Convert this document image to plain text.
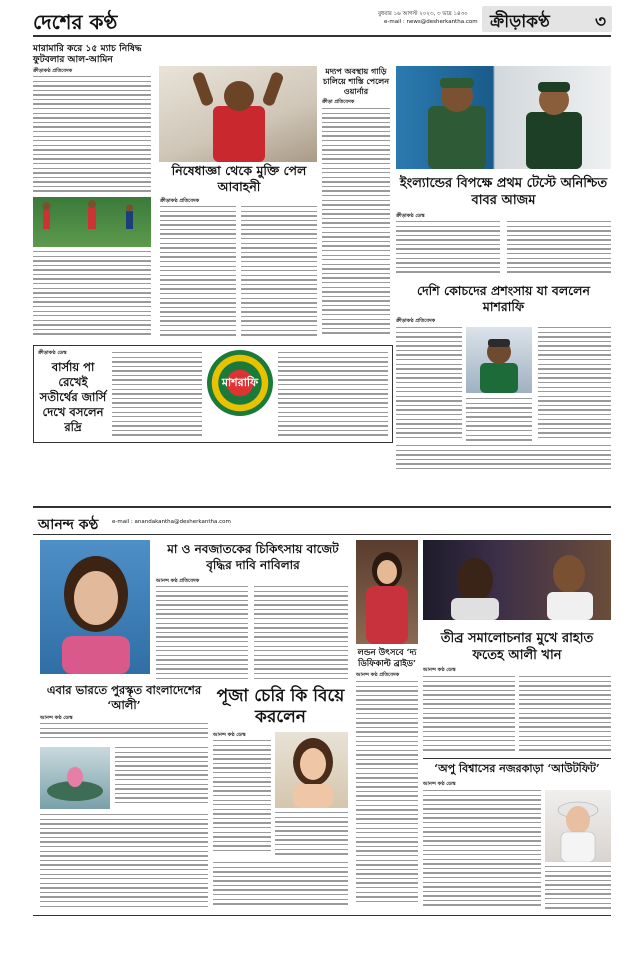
দেশের কণ্ঠ	বুধবার ১৬ আগস্ট ২০২৩, ৩ ভাদ্র ১৪৩০
e-mail : news@desherkantha.com ক্রীড়াকণ্ঠ	৩
মারামারি করে ১৫ ম্যাচ নিষিদ্ধ ফুটবলার আল-আমিন
ক্রীড়াকণ্ঠ প্রতিবেদক
নিষেধাজ্ঞা থেকে মুক্তি পেল আবাহনী
ক্রীড়াকণ্ঠ প্রতিবেদক
মদ্যপ অবস্থায় গাড়ি চালিয়ে শাস্তি পেলেন ওয়ার্নার
ক্রীড়া প্রতিবেদক
ইংল্যান্ডের বিপক্ষে প্রথম টেস্টে অনিশ্চিত বাবর আজম
ক্রীড়াকণ্ঠ ডেস্ক
দেশি কোচদের প্রশংসায় যা বললেন মাশরাফি
ক্রীড়াকণ্ঠ প্রতিবেদক
ক্রীড়াকণ্ঠ ডেস্ক
বার্সায় পা রেখেই সতীর্থের জার্সি দেখে বসলেন রদ্রি
মাশরাফি
আনন্দ কণ্ঠ e-mail : anandakantha@desherkantha.com
মা ও নবজাতকের চিকিৎসায় বাজেট বৃদ্ধির দাবি নাবিলার
আনন্দ কণ্ঠ প্রতিবেদক
এবার ভারতে পুরস্কৃত বাংলাদেশের ‘আলী’
আনন্দ কণ্ঠ ডেস্ক
পূজা চেরি কি বিয়ে করলেন
আনন্দ কণ্ঠ ডেস্ক
লন্ডন উৎসবে ‘দ্য ডিফিকাল্ট ব্রাইড’
আনন্দ কণ্ঠ প্রতিবেদক
তীব্র সমালোচনার মুখে রাহাত ফতেহ আলী খান
আনন্দ কণ্ঠ ডেস্ক
‘অপু বিশ্বাসের নজরকাড়া ‘আউটফিট’
আনন্দ কণ্ঠ ডেস্ক
